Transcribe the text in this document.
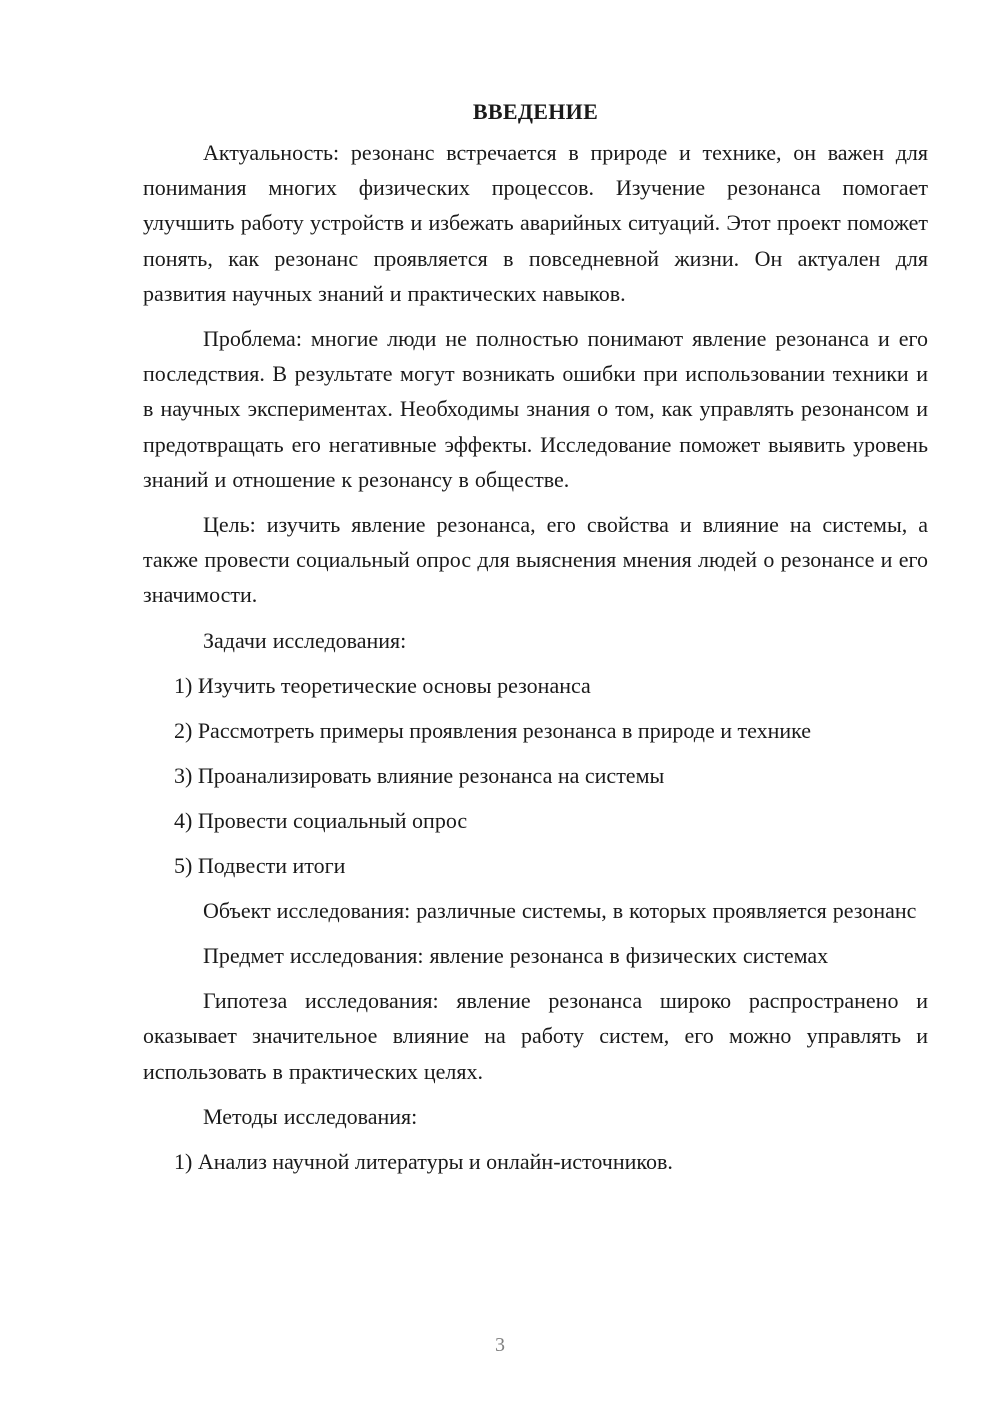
ВВЕДЕНИЕ

Актуальность: резонанс встречается в природе и технике, он важен для понимания многих физических процессов. Изучение резонанса помогает улучшить работу устройств и избежать аварийных ситуаций. Этот проект поможет понять, как резонанс проявляется в повседневной жизни. Он актуален для развития научных знаний и практических навыков.

Проблема: многие люди не полностью понимают явление резонанса и его последствия. В результате могут возникать ошибки при использовании техники и в научных экспериментах. Необходимы знания о том, как управлять резонансом и предотвращать его негативные эффекты. Исследование поможет выявить уровень знаний и отношение к резонансу в обществе.

Цель: изучить явление резонанса, его свойства и влияние на системы, а также провести социальный опрос для выяснения мнения людей о резонансе и его значимости.

Задачи исследования:

1) Изучить теоретические основы резонанса

2) Рассмотреть примеры проявления резонанса в природе и технике

3) Проанализировать влияние резонанса на системы

4) Провести социальный опрос

5) Подвести итоги

Объект исследования: различные системы, в которых проявляется резонанс

Предмет исследования: явление резонанса в физических системах

Гипотеза исследования: явление резонанса широко распространено и оказывает значительное влияние на работу систем, его можно управлять и использовать в практических целях.

Методы исследования:

1) Анализ научной литературы и онлайн-источников.

3
